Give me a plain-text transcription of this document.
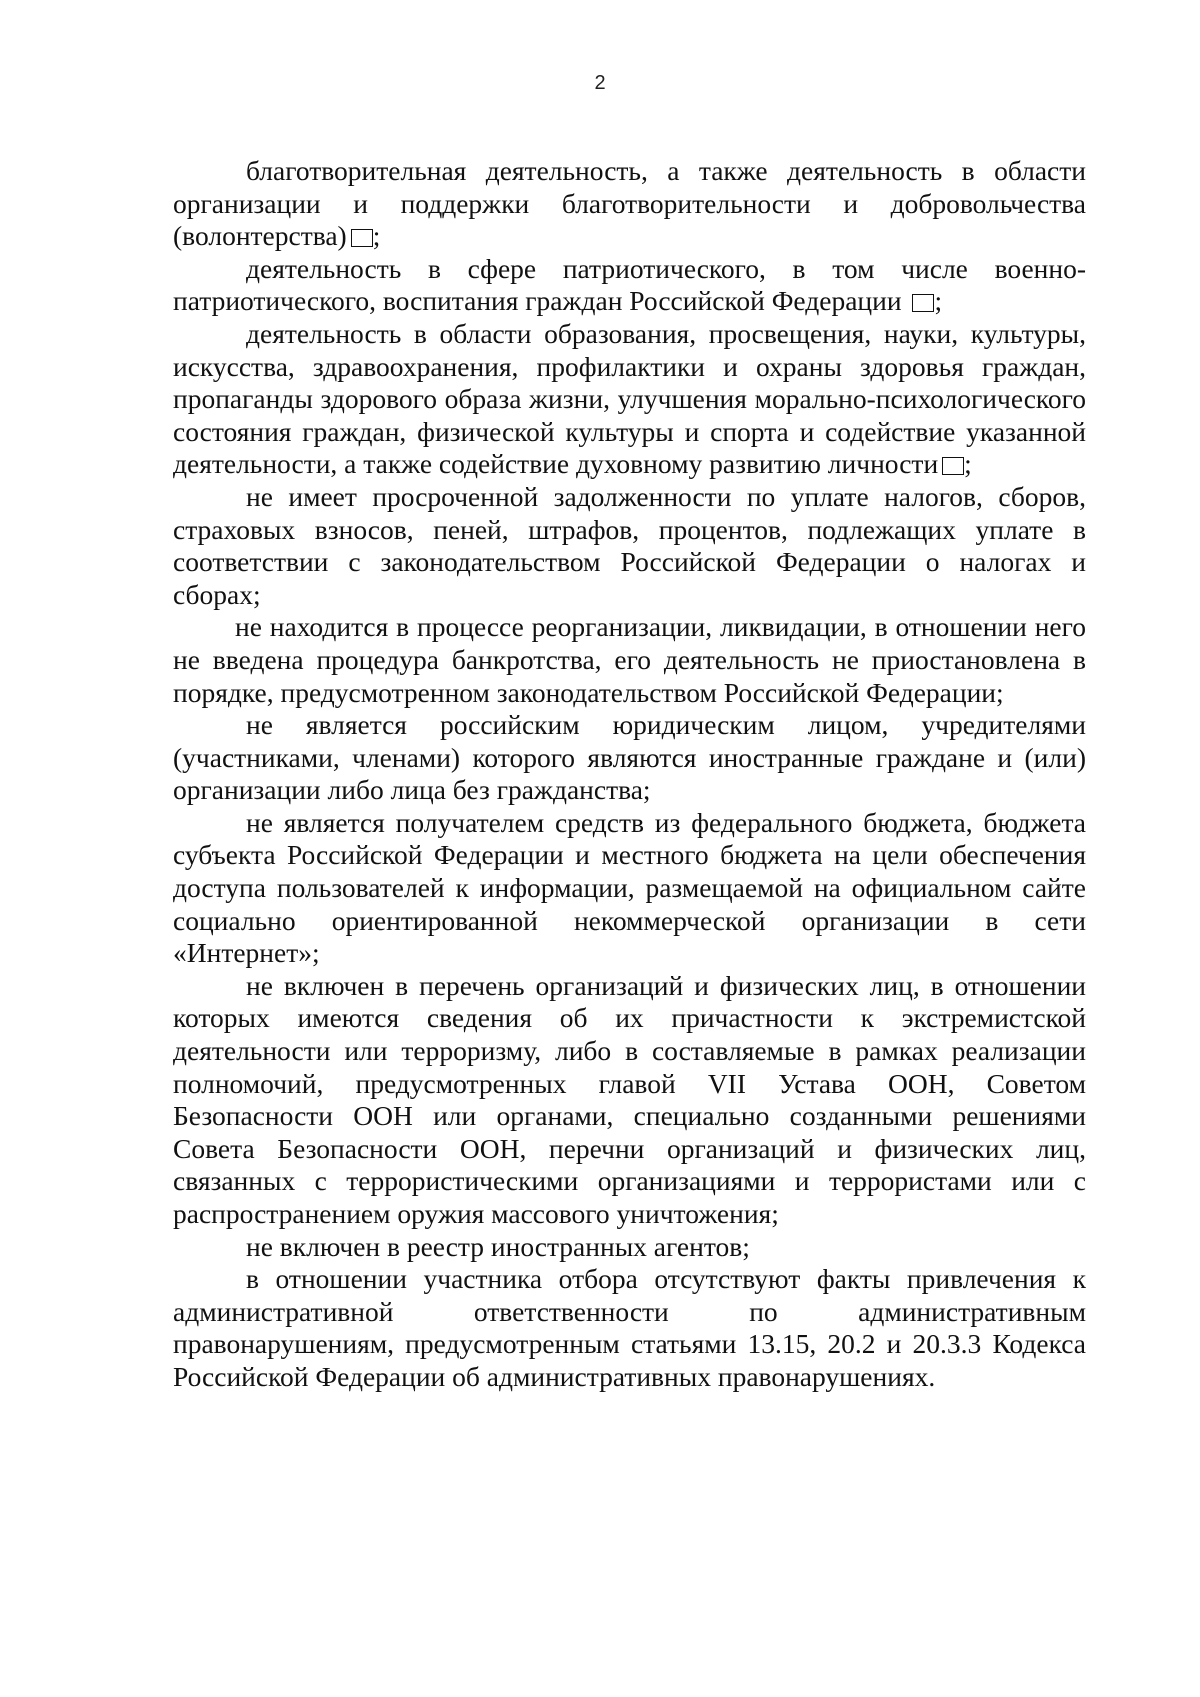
2

благотворительная деятельность, а также деятельность в области организации и поддержки благотворительности и добровольчества (волонтерства) ;

деятельность в сфере патриотического, в том числе военно-патриотического, воспитания граждан Российской Федерации ;

деятельность в области образования, просвещения, науки, культуры, искусства, здравоохранения, профилактики и охраны здоровья граждан, пропаганды здорового образа жизни, улучшения морально-психологического состояния граждан, физической культуры и спорта и содействие указанной деятельности, а также содействие духовному развитию личности ;

не имеет просроченной задолженности по уплате налогов, сборов, страховых взносов, пеней, штрафов, процентов, подлежащих уплате в соответствии с законодательством Российской Федерации о налогах и сборах;

не находится в процессе реорганизации, ликвидации, в отношении него не введена процедура банкротства, его деятельность не приостановлена в порядке, предусмотренном законодательством Российской Федерации;

не является российским юридическим лицом, учредителями (участниками, членами) которого являются иностранные граждане и (или) организации либо лица без гражданства;

не является получателем средств из федерального бюджета, бюджета субъекта Российской Федерации и местного бюджета на цели обеспечения доступа пользователей к информации, размещаемой на официальном сайте социально ориентированной некоммерческой организации в сети «Интернет»;

не включен в перечень организаций и физических лиц, в отношении которых имеются сведения об их причастности к экстремистской деятельности или терроризму, либо в составляемые в рамках реализации полномочий, предусмотренных главой VII Устава ООН, Советом Безопасности ООН или органами, специально созданными решениями Совета Безопасности ООН, перечни организаций и физических лиц, связанных с террористическими организациями и террористами или с распространением оружия массового уничтожения;

не включен в реестр иностранных агентов;

в отношении участника отбора отсутствуют факты привлечения к административной ответственности по административным правонарушениям, предусмотренным статьями 13.15, 20.2 и 20.3.3 Кодекса Российской Федерации об административных правонарушениях.
